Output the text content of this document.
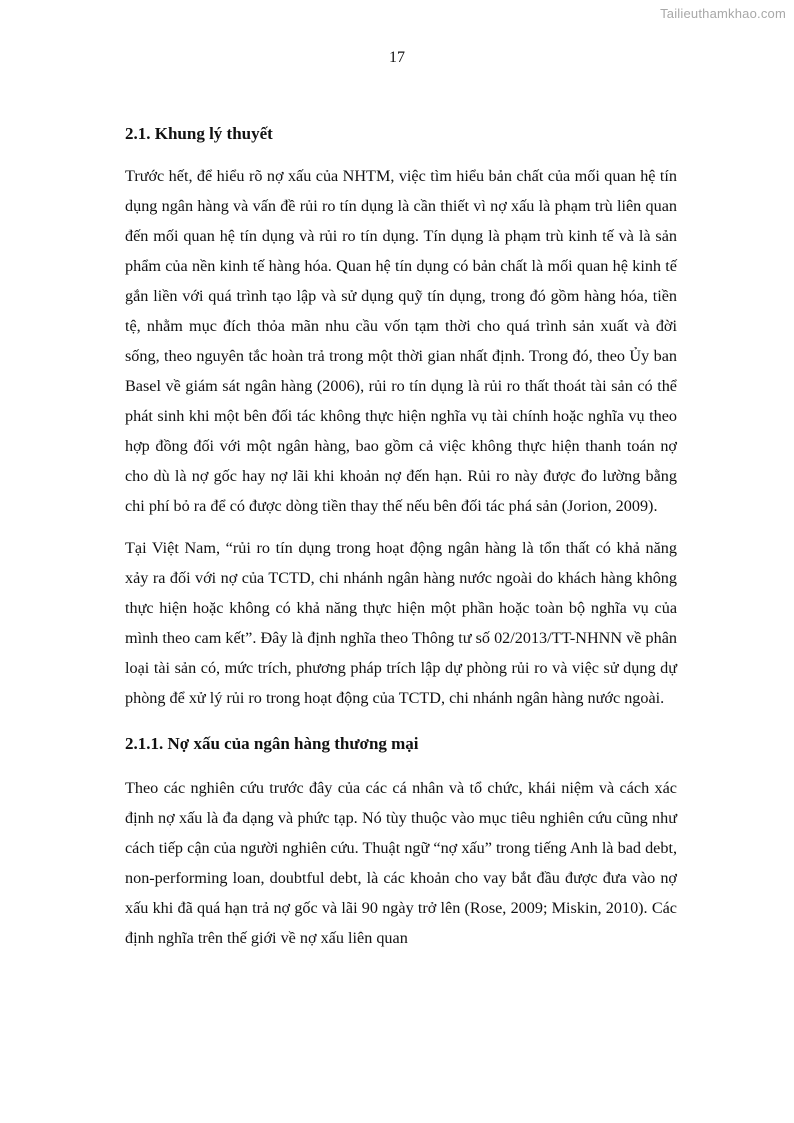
Tailieuthamkhao.com
17
2.1. Khung lý thuyết

Trước hết, để hiểu rõ nợ xấu của NHTM, việc tìm hiểu bản chất của mối quan hệ tín dụng ngân hàng và vấn đề rủi ro tín dụng là cần thiết vì nợ xấu là phạm trù liên quan đến mối quan hệ tín dụng và rủi ro tín dụng. Tín dụng là phạm trù kinh tế và là sản phẩm của nền kinh tế hàng hóa. Quan hệ tín dụng có bản chất là mối quan hệ kinh tế gắn liền với quá trình tạo lập và sử dụng quỹ tín dụng, trong đó gồm hàng hóa, tiền tệ, nhằm mục đích thỏa mãn nhu cầu vốn tạm thời cho quá trình sản xuất và đời sống, theo nguyên tắc hoàn trả trong một thời gian nhất định. Trong đó, theo Ủy ban Basel về giám sát ngân hàng (2006), rủi ro tín dụng là rủi ro thất thoát tài sản có thể phát sinh khi một bên đối tác không thực hiện nghĩa vụ tài chính hoặc nghĩa vụ theo hợp đồng đối với một ngân hàng, bao gồm cả việc không thực hiện thanh toán nợ cho dù là nợ gốc hay nợ lãi khi khoản nợ đến hạn. Rủi ro này được đo lường bằng chi phí bỏ ra để có được dòng tiền thay thế nếu bên đối tác phá sản (Jorion, 2009).

Tại Việt Nam, “rủi ro tín dụng trong hoạt động ngân hàng là tổn thất có khả năng xảy ra đối với nợ của TCTD, chi nhánh ngân hàng nước ngoài do khách hàng không thực hiện hoặc không có khả năng thực hiện một phần hoặc toàn bộ nghĩa vụ của mình theo cam kết”. Đây là định nghĩa theo Thông tư số 02/2013/TT-NHNN về phân loại tài sản có, mức trích, phương pháp trích lập dự phòng rủi ro và việc sử dụng dự phòng để xử lý rủi ro trong hoạt động của TCTD, chi nhánh ngân hàng nước ngoài.

2.1.1. Nợ xấu của ngân hàng thương mại

Theo các nghiên cứu trước đây của các cá nhân và tổ chức, khái niệm và cách xác định nợ xấu là đa dạng và phức tạp. Nó tùy thuộc vào mục tiêu nghiên cứu cũng như cách tiếp cận của người nghiên cứu. Thuật ngữ “nợ xấu” trong tiếng Anh là bad debt, non-performing loan, doubtful debt, là các khoản cho vay bắt đầu được đưa vào nợ xấu khi đã quá hạn trả nợ gốc và lãi 90 ngày trở lên (Rose, 2009; Miskin, 2010). Các định nghĩa trên thế giới về nợ xấu liên quan
